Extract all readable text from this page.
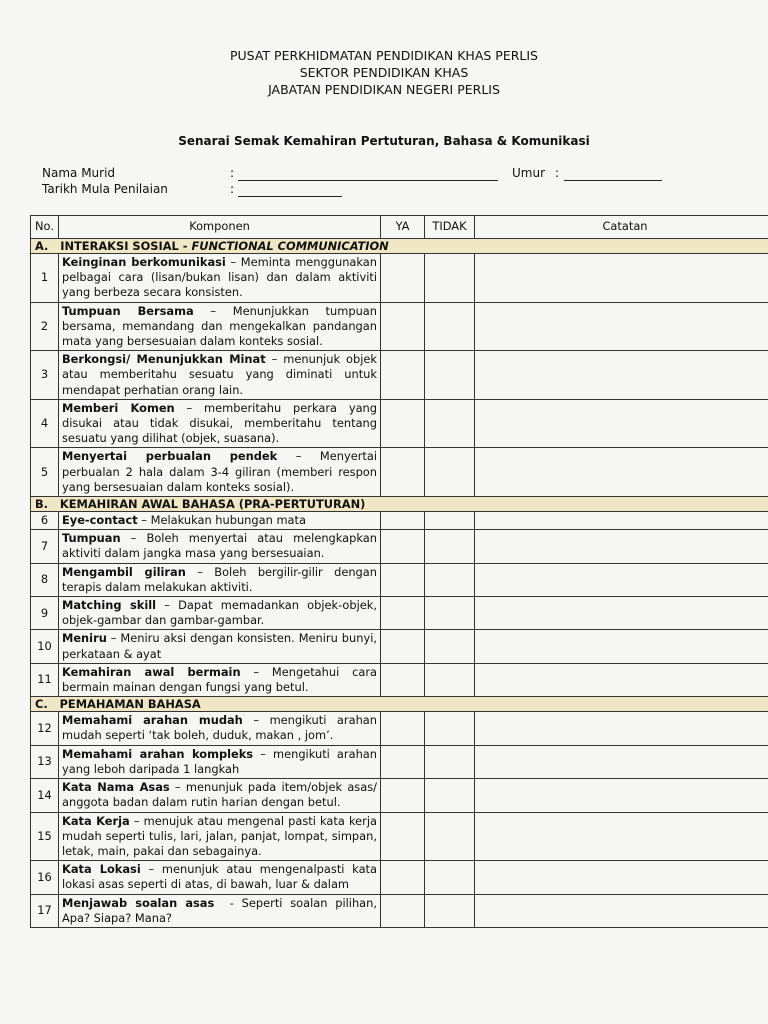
PUSAT PERKHIDMATAN PENDIDIKAN KHAS PERLIS
SEKTOR PENDIDIKAN KHAS
JABATAN PENDIDIKAN NEGERI PERLIS
Senarai Semak Kemahiran Pertuturan, Bahasa & Komunikasi
Nama Murid	:	Umur :
Tarikh Mula Penilaian	:
No.	Komponen	YA	TIDAK	Catatan
A.   INTERAKSI SOSIAL - FUNCTIONAL COMMUNICATION				
1	Keinginan berkomunikasi – Meminta menggunakan pelbagai cara (lisan/bukan lisan) dan dalam aktiviti yang berbeza secara konsisten.			
2	Tumpuan Bersama – Menunjukkan tumpuan bersama, memandang dan mengekalkan pandangan mata yang bersesuaian dalam konteks sosial.			
3	Berkongsi/ Menunjukkan Minat – menunjuk objek atau memberitahu sesuatu yang diminati untuk mendapat perhatian orang lain.			
4	Memberi Komen – memberitahu perkara yang disukai atau tidak disukai, memberitahu tentang sesuatu yang dilihat (objek, suasana).			
5	Menyertai perbualan pendek – Menyertai perbualan 2 hala dalam 3-4 giliran (memberi respon yang bersesuaian dalam konteks sosial).			
B.   KEMAHIRAN AWAL BAHASA (PRA-PERTUTURAN)				
6	Eye-contact – Melakukan hubungan mata			
7	Tumpuan – Boleh menyertai atau melengkapkan aktiviti dalam jangka masa yang bersesuaian.			
8	Mengambil giliran – Boleh bergilir-gilir dengan terapis dalam melakukan aktiviti.			
9	Matching skill – Dapat memadankan objek-objek, objek-gambar dan gambar-gambar.			
10	Meniru – Meniru aksi dengan konsisten. Meniru bunyi, perkataan & ayat			
11	Kemahiran awal bermain – Mengetahui cara bermain mainan dengan fungsi yang betul.			
C.   PEMAHAMAN BAHASA				
12	Memahami arahan mudah – mengikuti arahan mudah seperti ‘tak boleh, duduk, makan , jom’.			
13	Memahami arahan kompleks – mengikuti arahan yang leboh daripada 1 langkah			
14	Kata Nama Asas – menunjuk pada item/objek asas/ anggota badan dalam rutin harian dengan betul.			
15	Kata Kerja – menujuk atau mengenal pasti kata kerja mudah seperti tulis, lari, jalan, panjat, lompat, simpan, letak, main, pakai dan sebagainya.			
16	Kata Lokasi – menunjuk atau mengenalpasti kata lokasi asas seperti di atas, di bawah, luar & dalam			
17	Menjawab soalan asas  - Seperti soalan pilihan, Apa? Siapa? Mana?			
